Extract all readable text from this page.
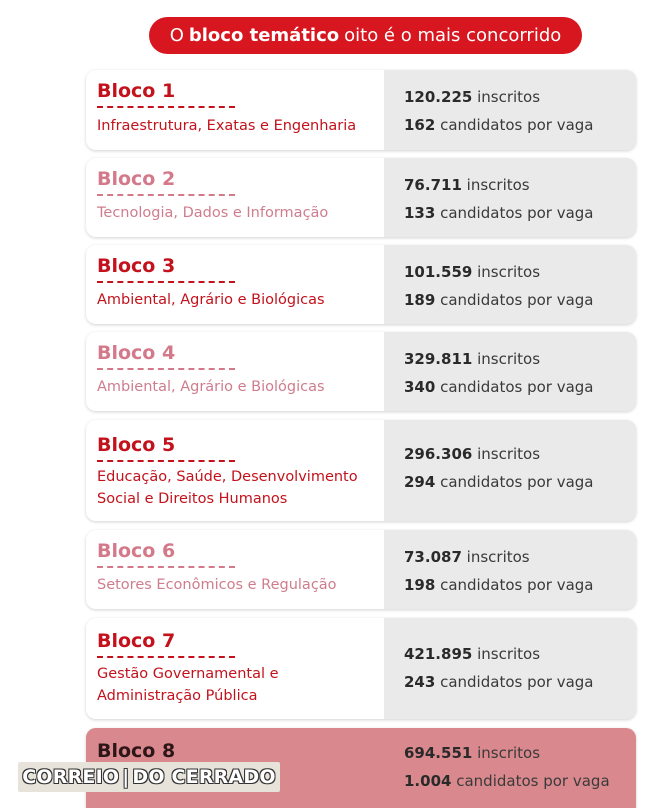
O bloco temático oito é o mais concorrido
Bloco 1
Infraestrutura, Exatas e Engenharia
120.225 inscritos
162 candidatos por vaga
Bloco 2
Tecnologia, Dados e Informação
76.711 inscritos
133 candidatos por vaga
Bloco 3
Ambiental, Agrário e Biológicas
101.559 inscritos
189 candidatos por vaga
Bloco 4
Ambiental, Agrário e Biológicas
329.811 inscritos
340 candidatos por vaga
Bloco 5
Educação, Saúde, Desenvolvimento
Social e Direitos Humanos
296.306 inscritos
294 candidatos por vaga
Bloco 6
Setores Econômicos e Regulação
73.087 inscritos
198 candidatos por vaga
Bloco 7
Gestão Governamental e
Administração Pública
421.895 inscritos
243 candidatos por vaga
Bloco 8	694.551 inscritos
1.004 candidatos por vaga
CORREIO | DO CERRADO
